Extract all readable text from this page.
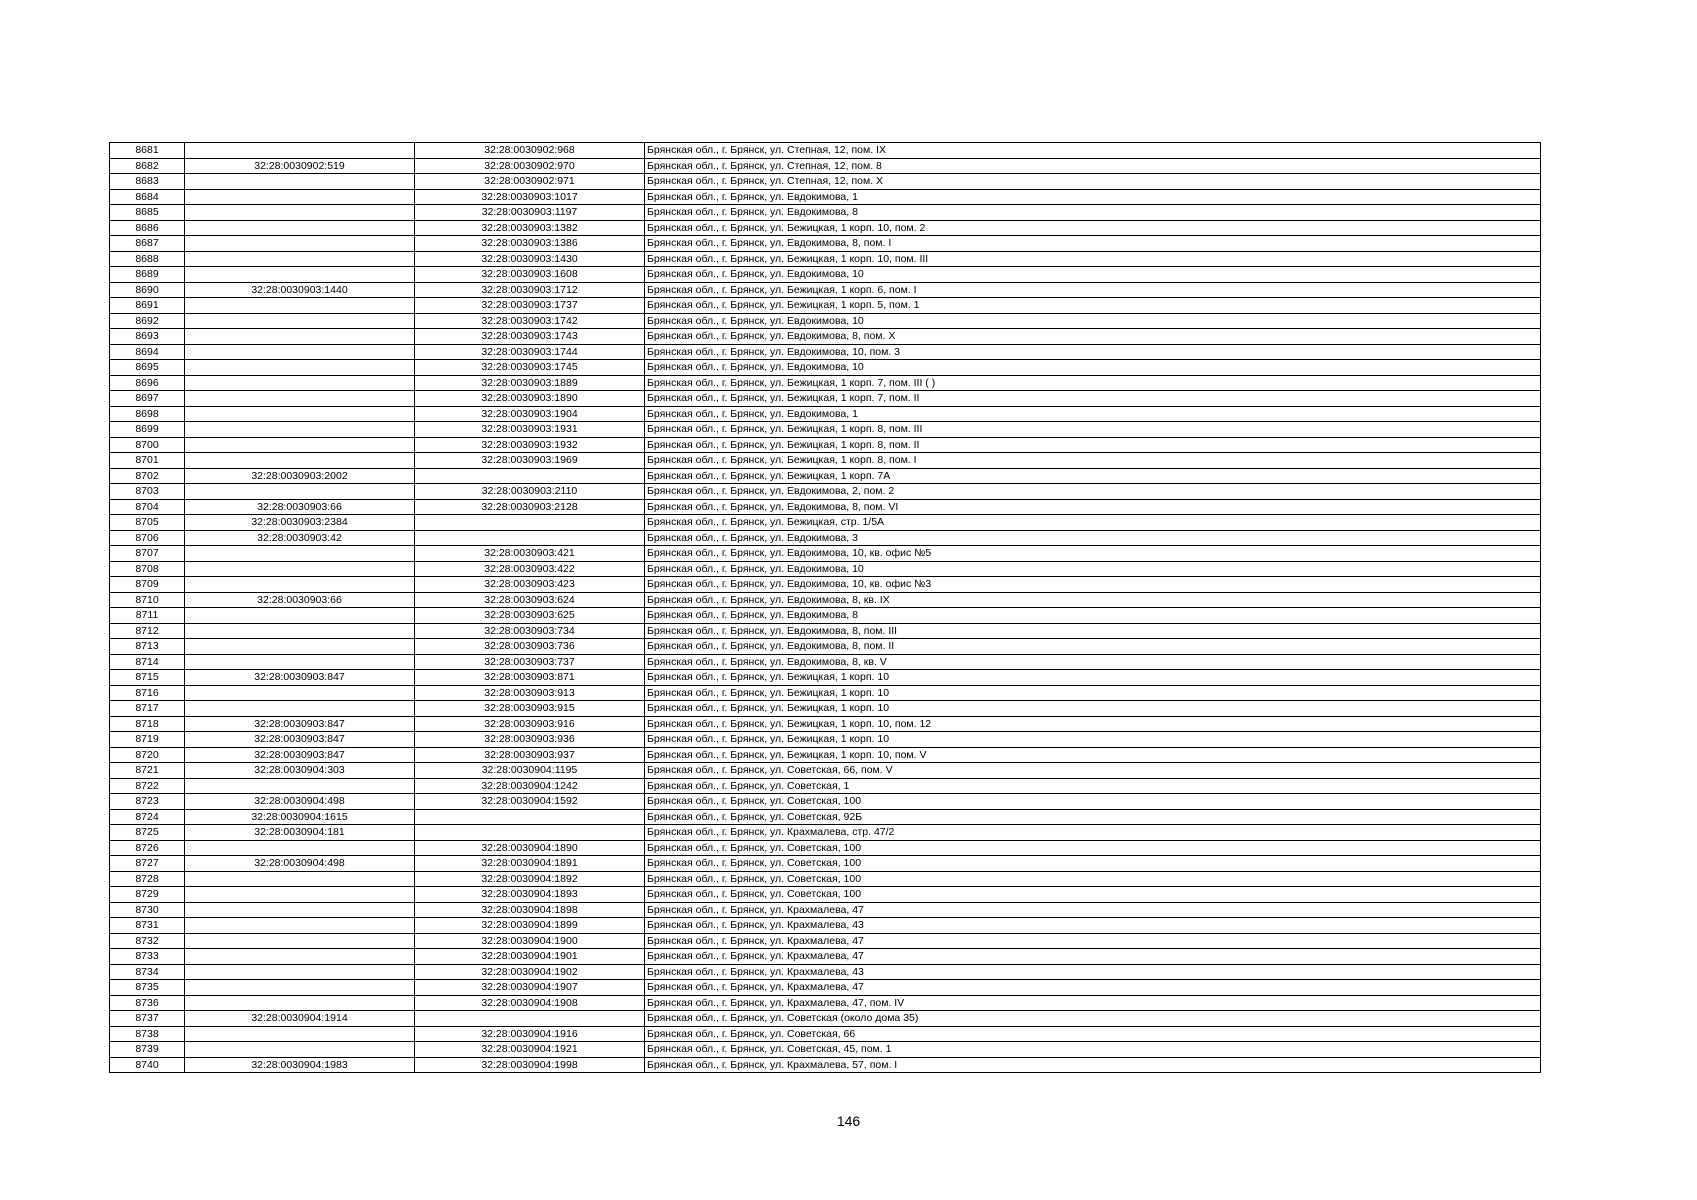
8681		32:28:0030902:968	Брянская обл., г. Брянск, ул. Степная, 12, пом. IX
8682	32:28:0030902:519	32:28:0030902:970	Брянская обл., г. Брянск, ул. Степная, 12, пом. 8
8683		32:28:0030902:971	Брянская обл., г. Брянск, ул. Степная, 12, пом. X
8684		32:28:0030903:1017	Брянская обл., г. Брянск, ул. Евдокимова, 1
8685		32:28:0030903:1197	Брянская обл., г. Брянск, ул. Евдокимова, 8
8686		32:28:0030903:1382	Брянская обл., г. Брянск, ул. Бежицкая, 1 корп. 10, пом. 2
8687		32:28:0030903:1386	Брянская обл., г. Брянск, ул. Евдокимова, 8, пом. I
8688		32:28:0030903:1430	Брянская обл., г. Брянск, ул. Бежицкая, 1 корп. 10, пом. III
8689		32:28:0030903:1608	Брянская обл., г. Брянск, ул. Евдокимова, 10
8690	32:28:0030903:1440	32:28:0030903:1712	Брянская обл., г. Брянск, ул. Бежицкая, 1 корп. 6, пом. I
8691		32:28:0030903:1737	Брянская обл., г. Брянск, ул. Бежицкая, 1 корп. 5, пом. 1
8692		32:28:0030903:1742	Брянская обл., г. Брянск, ул. Евдокимова, 10
8693		32:28:0030903:1743	Брянская обл., г. Брянск, ул. Евдокимова, 8, пом. X
8694		32:28:0030903:1744	Брянская обл., г. Брянск, ул. Евдокимова, 10, пом. 3
8695		32:28:0030903:1745	Брянская обл., г. Брянск, ул. Евдокимова, 10
8696		32:28:0030903:1889	Брянская обл., г. Брянск, ул. Бежицкая, 1 корп. 7, пом. III ( )
8697		32:28:0030903:1890	Брянская обл., г. Брянск, ул. Бежицкая, 1 корп. 7, пом. II
8698		32:28:0030903:1904	Брянская обл., г. Брянск, ул. Евдокимова, 1
8699		32:28:0030903:1931	Брянская обл., г. Брянск, ул. Бежицкая, 1 корп. 8, пом. III
8700		32:28:0030903:1932	Брянская обл., г. Брянск, ул. Бежицкая, 1 корп. 8, пом. II
8701		32:28:0030903:1969	Брянская обл., г. Брянск, ул. Бежицкая, 1 корп. 8, пом. I
8702	32:28:0030903:2002		Брянская обл., г. Брянск, ул. Бежицкая, 1 корп. 7А
8703		32:28:0030903:2110	Брянская обл., г. Брянск, ул. Евдокимова, 2, пом. 2
8704	32:28:0030903:66	32:28:0030903:2128	Брянская обл., г. Брянск, ул. Евдокимова, 8, пом. VI
8705	32:28:0030903:2384		Брянская обл., г. Брянск, ул. Бежицкая, стр. 1/5А
8706	32:28:0030903:42		Брянская обл., г. Брянск, ул. Евдокимова, 3
8707		32:28:0030903:421	Брянская обл., г. Брянск, ул. Евдокимова, 10, кв. офис №5
8708		32:28:0030903:422	Брянская обл., г. Брянск, ул. Евдокимова, 10
8709		32:28:0030903:423	Брянская обл., г. Брянск, ул. Евдокимова, 10, кв. офис №3
8710	32:28:0030903:66	32:28:0030903:624	Брянская обл., г. Брянск, ул. Евдокимова, 8, кв. IX
8711		32:28:0030903:625	Брянская обл., г. Брянск, ул. Евдокимова, 8
8712		32:28:0030903:734	Брянская обл., г. Брянск, ул. Евдокимова, 8, пом. III
8713		32:28:0030903:736	Брянская обл., г. Брянск, ул. Евдокимова, 8, пом. II
8714		32:28:0030903:737	Брянская обл., г. Брянск, ул. Евдокимова, 8, кв. V
8715	32:28:0030903:847	32:28:0030903:871	Брянская обл., г. Брянск, ул. Бежицкая, 1 корп. 10
8716		32:28:0030903:913	Брянская обл., г. Брянск, ул. Бежицкая, 1 корп. 10
8717		32:28:0030903:915	Брянская обл., г. Брянск, ул. Бежицкая, 1 корп. 10
8718	32:28:0030903:847	32:28:0030903:916	Брянская обл., г. Брянск, ул. Бежицкая, 1 корп. 10, пом. 12
8719	32:28:0030903:847	32:28:0030903:936	Брянская обл., г. Брянск, ул. Бежицкая, 1 корп. 10
8720	32:28:0030903:847	32:28:0030903:937	Брянская обл., г. Брянск, ул. Бежицкая, 1 корп. 10, пом. V
8721	32:28:0030904:303	32:28:0030904:1195	Брянская обл., г. Брянск, ул. Советская, 66, пом. V
8722		32:28:0030904:1242	Брянская обл., г. Брянск, ул. Советская, 1
8723	32:28:0030904:498	32:28:0030904:1592	Брянская обл., г. Брянск, ул. Советская, 100
8724	32:28:0030904:1615		Брянская обл., г. Брянск, ул. Советская, 92Б
8725	32:28:0030904:181		Брянская обл., г. Брянск, ул. Крахмалева, стр. 47/2
8726		32:28:0030904:1890	Брянская обл., г. Брянск, ул. Советская, 100
8727	32:28:0030904:498	32:28:0030904:1891	Брянская обл., г. Брянск, ул. Советская, 100
8728		32:28:0030904:1892	Брянская обл., г. Брянск, ул. Советская, 100
8729		32:28:0030904:1893	Брянская обл., г. Брянск, ул. Советская, 100
8730		32:28:0030904:1898	Брянская обл., г. Брянск, ул. Крахмалева, 47
8731		32:28:0030904:1899	Брянская обл., г. Брянск, ул. Крахмалева, 43
8732		32:28:0030904:1900	Брянская обл., г. Брянск, ул. Крахмалева, 47
8733		32:28:0030904:1901	Брянская обл., г. Брянск, ул. Крахмалева, 47
8734		32:28:0030904:1902	Брянская обл., г. Брянск, ул. Крахмалева, 43
8735		32:28:0030904:1907	Брянская обл., г. Брянск, ул. Крахмалева, 47
8736		32:28:0030904:1908	Брянская обл., г. Брянск, ул. Крахмалева, 47, пом. IV
8737	32:28:0030904:1914		Брянская обл., г. Брянск, ул. Советская (около дома 35)
8738		32:28:0030904:1916	Брянская обл., г. Брянск, ул. Советская, 66
8739		32:28:0030904:1921	Брянская обл., г. Брянск, ул. Советская, 45, пом. 1
8740	32:28:0030904:1983	32:28:0030904:1998	Брянская обл., г. Брянск, ул. Крахмалева, 57, пом. I
146
